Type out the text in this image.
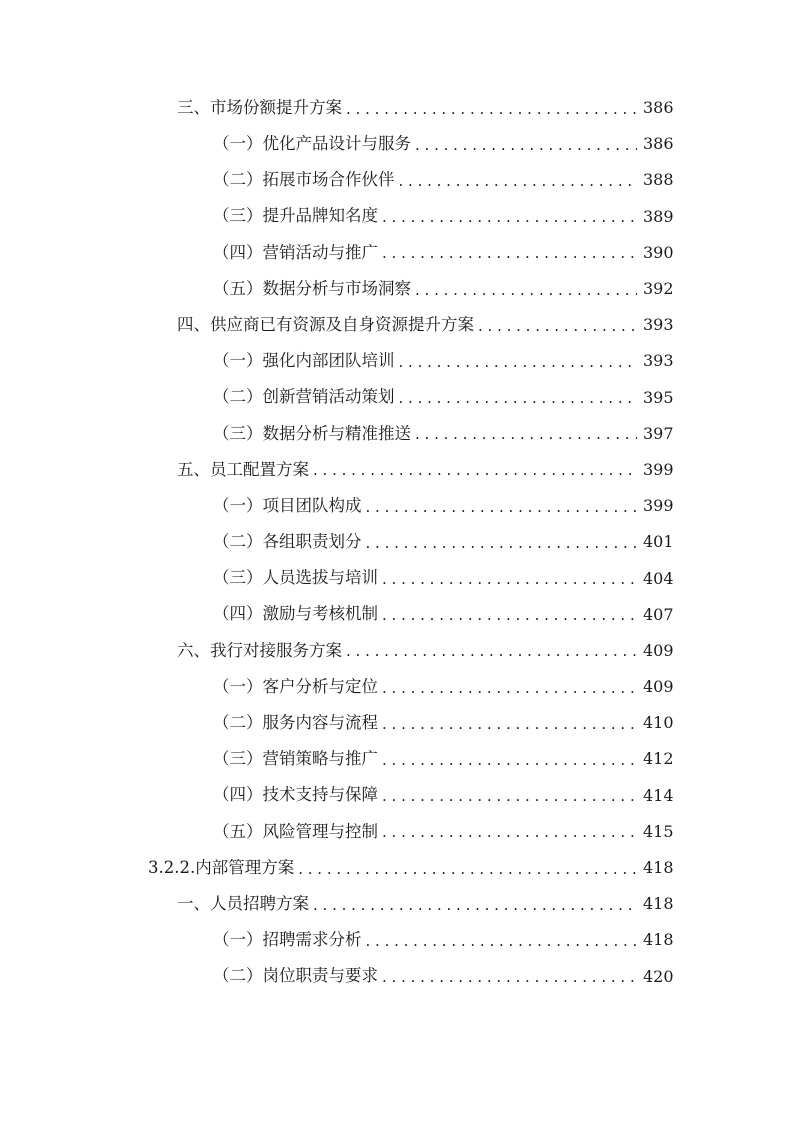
三、市场份额提升方案 . . .	386
（一）优化产品设计与服务 . . .	386
（二）拓展市场合作伙伴 . . .	388
（三）提升品牌知名度 . . .	389
（四）营销活动与推广 . . .	390
（五）数据分析与市场洞察 . . .	392
四、供应商已有资源及自身资源提升方案 . . .	393
（一）强化内部团队培训 . . .	393
（二）创新营销活动策划 . . .	395
（三）数据分析与精准推送 . . .	397
五、员工配置方案 . . .	399
（一）项目团队构成 . . .	399
（二）各组职责划分 . . .	401
（三）人员选拔与培训 . . .	404
（四）激励与考核机制 . . .	407
六、我行对接服务方案 . . .	409
（一）客户分析与定位 . . .	409
（二）服务内容与流程 . . .	410
（三）营销策略与推广 . . .	412
（四）技术支持与保障 . . .	414
（五）风险管理与控制 . . .	415
3.2.2.内部管理方案 . . .	418
一、人员招聘方案 . . .	418
（一）招聘需求分析 . . .	418
（二）岗位职责与要求 . . .	420
